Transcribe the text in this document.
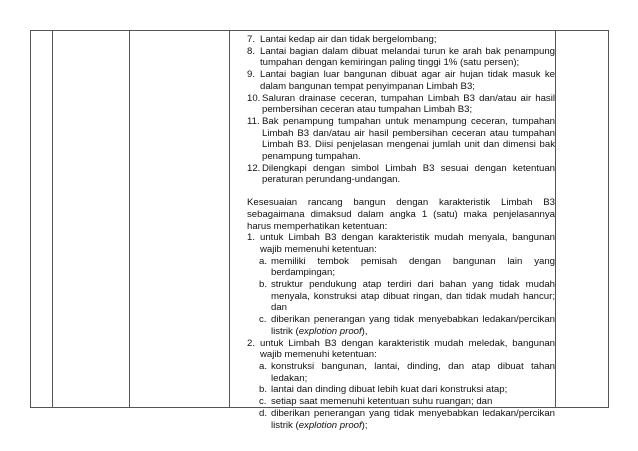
7. Lantai kedap air dan tidak bergelombang;
8. Lantai bagian dalam dibuat melandai turun ke arah bak penampung tumpahan dengan kemiringan paling tinggi 1% (satu persen);
9. Lantai bagian luar bangunan dibuat agar air hujan tidak masuk ke dalam bangunan tempat penyimpanan Limbah B3;
10. Saluran drainase ceceran, tumpahan Limbah B3 dan/atau air hasil pembersihan ceceran atau tumpahan Limbah B3;
11. Bak penampung tumpahan untuk menampung ceceran, tumpahan Limbah B3 dan/atau air hasil pembersihan ceceran atau tumpahan Limbah B3. Diisi penjelasan mengenai jumlah unit dan dimensi bak penampung tumpahan.
12. Dilengkapi dengan simbol Limbah B3 sesuai dengan ketentuan peraturan perundang-undangan.
Kesesuaian rancang bangun dengan karakteristik Limbah B3 sebagaimana dimaksud dalam angka 1 (satu) maka penjelasannya harus memperhatikan ketentuan:
1. untuk Limbah B3 dengan karakteristik mudah menyala, bangunan wajib memenuhi ketentuan:
a. memiliki tembok pemisah dengan bangunan lain yang berdampingan;
b. struktur pendukung atap terdiri dari bahan yang tidak mudah menyala, konstruksi atap dibuat ringan, dan tidak mudah hancur; dan
c. diberikan penerangan yang tidak menyebabkan ledakan/percikan listrik (explotion proof),
2. untuk Limbah B3 dengan karakteristik mudah meledak, bangunan wajib memenuhi ketentuan:
a. konstruksi bangunan, lantai, dinding, dan atap dibuat tahan ledakan;
b. lantai dan dinding dibuat lebih kuat dari konstruksi atap;
c. setiap saat memenuhi ketentuan suhu ruangan; dan
d. diberikan penerangan yang tidak menyebabkan ledakan/percikan listrik (explotion proof);
